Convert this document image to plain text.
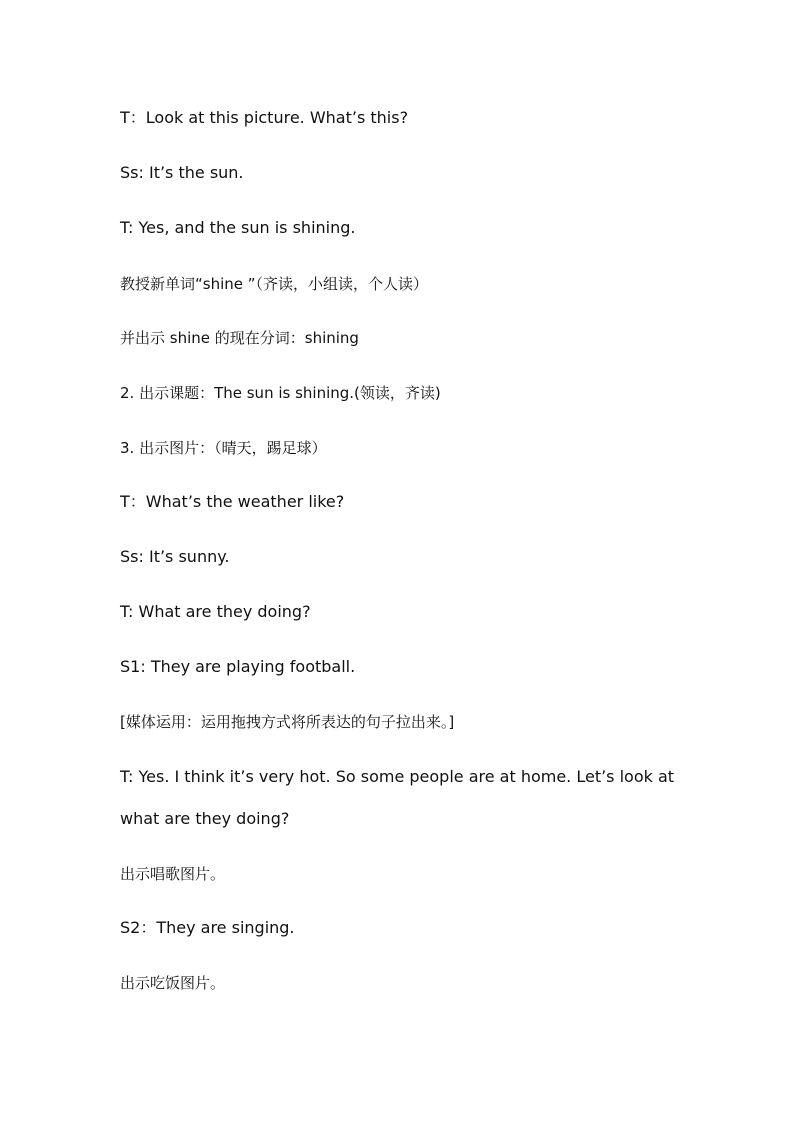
T：Look at this picture. What’s this?
Ss: It’s the sun.
T: Yes, and the sun is shining.
教授新单词“shine ”（齐读，小组读，个人读）
并出示 shine 的现在分词：shining
2. 出示课题：The sun is shining.(领读，齐读)
3. 出示图片：（晴天，踢足球）
T：What’s the weather like?
Ss: It’s sunny.
T: What are they doing?
S1: They are playing football.
[媒体运用：运用拖拽方式将所表达的句子拉出来。]
T: Yes. I think it’s very hot. So some people are at home. Let’s look at
what are they doing?
出示唱歌图片。
S2：They are singing.
出示吃饭图片。
